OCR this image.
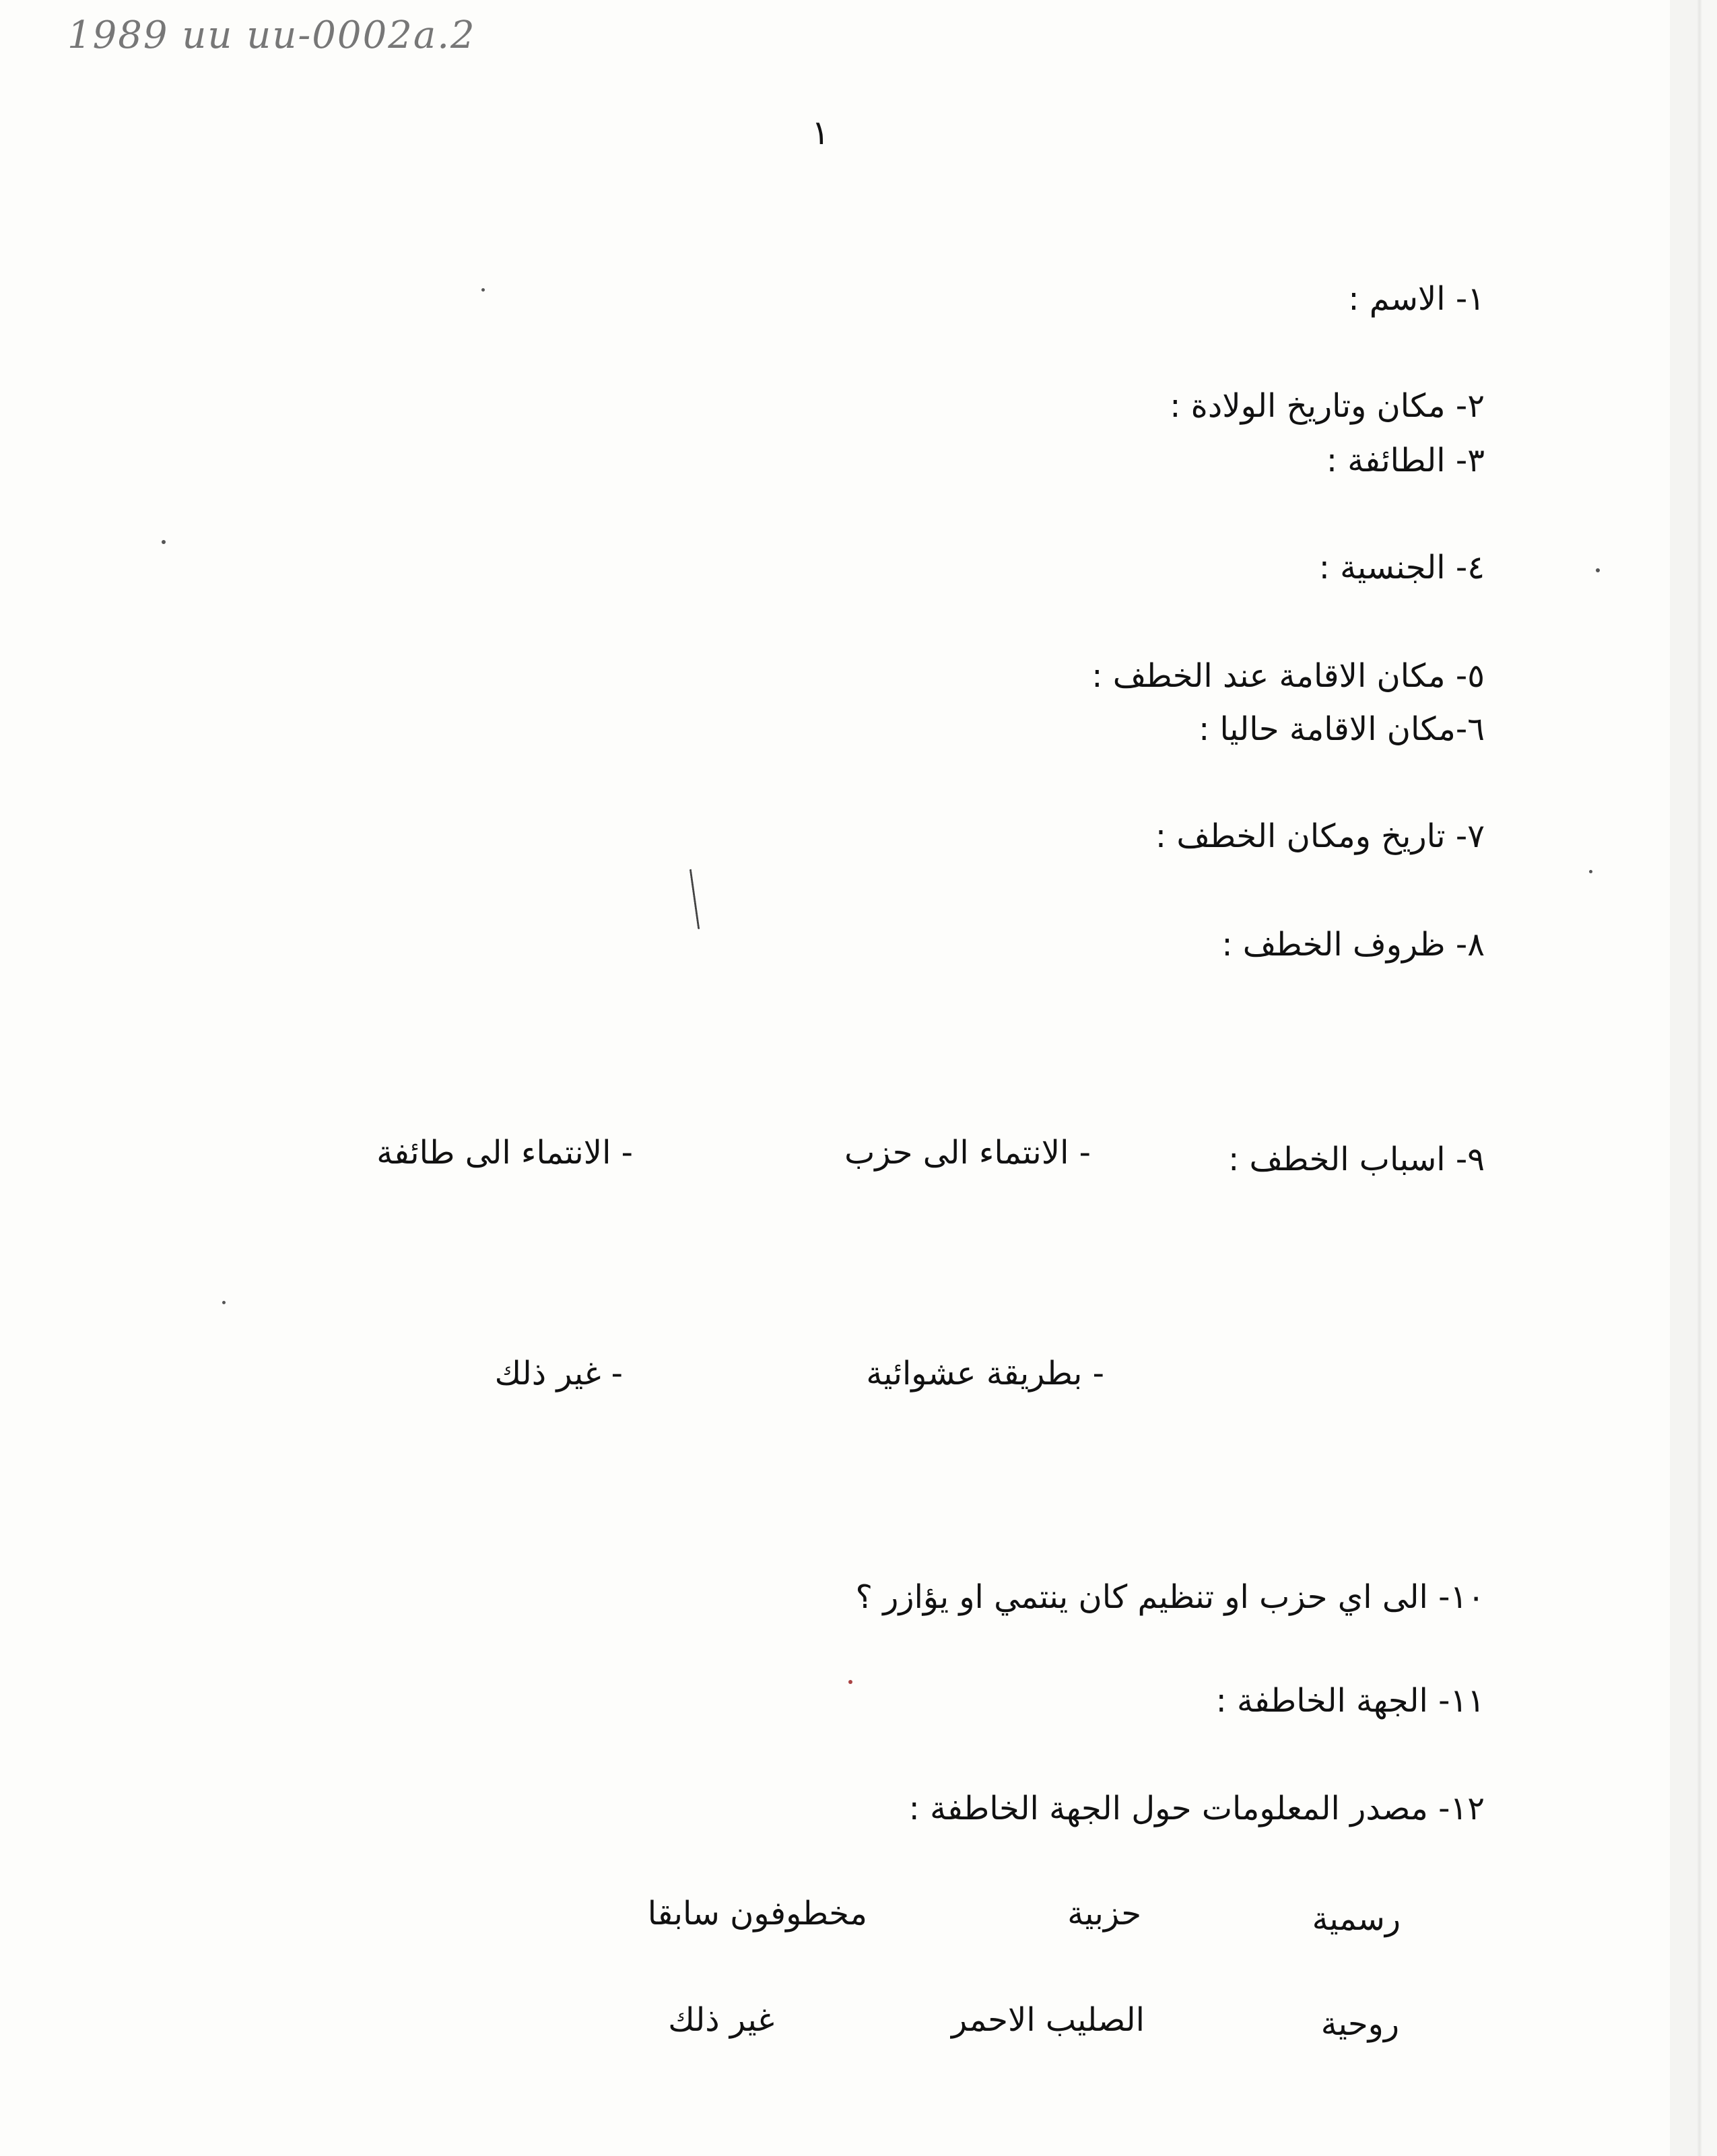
1989 uu uu-0002a.2
١
١- الاسم :
٢- مكان وتاريخ الولادة :
٣- الطائفة :
٤- الجنسية :
٥- مكان الاقامة عند الخطف :
٦-مكان الاقامة حاليا :
٧- تاريخ ومكان الخطف :
٨- ظروف الخطف :
٩- اسباب الخطف :
- الانتماء الى حزب
- الانتماء الى طائفة
- بطريقة عشوائية
- غير ذلك
١٠- الى اي حزب او تنظيم كان ينتمي او يؤازر ؟
١١- الجهة الخاطفة :
١٢- مصدر المعلومات حول الجهة الخاطفة :
رسمية
حزبية
مخطوفون سابقا
روحية
الصليب الاحمر
غير ذلك
